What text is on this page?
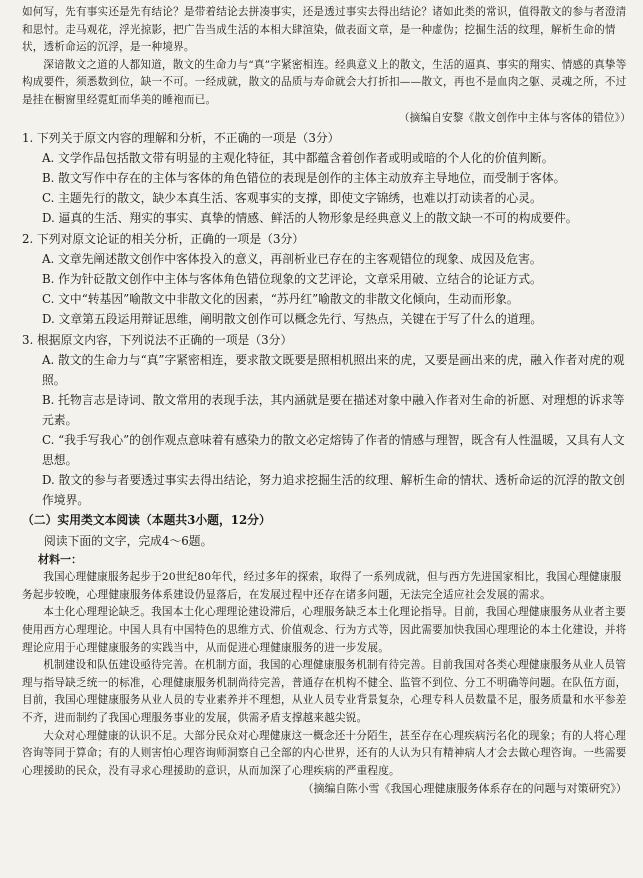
如何写，先有事实还是先有结论？是带着结论去拼凑事实，还是透过事实去得出结论？诸如此类的常识，值得散文的参与者澄清和思忖。走马观花，浮光掠影，把广告当成生活的本相大肆渲染，做表面文章，是一种虚伪；挖掘生活的纹理，解析生命的情状，透析命运的沉浮，是一种境界。

深谙散文之道的人都知道，散文的生命力与“真”字紧密相连。经典意义上的散文，生活的逼真、事实的翔实、情感的真挚等构成要件，须悉数到位，缺一不可。一经成就，散文的品质与寿命就会大打折扣——散文，再也不是血肉之躯、灵魂之所，不过是挂在橱窗里经霓虹而华美的睡袍而已。

（摘编自安黎《散文创作中主体与客体的错位》）

1. 下列关于原文内容的理解和分析，不正确的一项是（3分）

A. 文学作品包括散文带有明显的主观化特征，其中都蕴含着创作者或明或暗的个人化的价值判断。

B. 散文写作中存在的主体与客体的角色错位的表现是创作的主体主动放弃主导地位，而受制于客体。

C. 主题先行的散文，缺少本真生活、客观事实的支撑，即使文字锦绣，也难以打动读者的心灵。

D. 逼真的生活、翔实的事实、真挚的情感、鲜活的人物形象是经典意义上的散文缺一不可的构成要件。

2. 下列对原文论证的相关分析，正确的一项是（3分）

A. 文章先阐述散文创作中客体投入的意义，再剖析业已存在的主客观错位的现象、成因及危害。

B. 作为针砭散文创作中主体与客体角色错位现象的文艺评论，文章采用破、立结合的论证方式。

C. 文中“转基因”喻散文中非散文化的因素，“苏丹红”喻散文的非散文化倾向，生动而形象。

D. 文章第五段运用辩证思维，阐明散文创作可以概念先行、写热点，关键在于写了什么的道理。

3. 根据原文内容，下列说法不正确的一项是（3分）

A. 散文的生命力与“真”字紧密相连，要求散文既要是照相机照出来的虎，又要是画出来的虎，融入作者对虎的观照。

B. 托物言志是诗词、散文常用的表现手法，其内涵就是要在描述对象中融入作者对生命的祈愿、对理想的诉求等元素。

C. “我手写我心”的创作观点意味着有感染力的散文必定熔铸了作者的情感与理智，既含有人性温暖，又具有人文思想。

D. 散文的参与者要透过事实去得出结论，努力追求挖掘生活的纹理、解析生命的情状、透析命运的沉浮的散文创作境界。

（二）实用类文本阅读（本题共3小题，12分）

阅读下面的文字，完成4～6题。

材料一：

我国心理健康服务起步于20世纪80年代，经过多年的探索，取得了一系列成就，但与西方先进国家相比，我国心理健康服务起步较晚，心理健康服务体系建设仍显落后，在发展过程中还存在诸多问题，无法完全适应社会发展的需求。

本土化心理理论缺乏。我国本土化心理理论建设滞后，心理服务缺乏本土化理论指导。目前，我国心理健康服务从业者主要使用西方心理理论。中国人具有中国特色的思维方式、价值观念、行为方式等，因此需要加快我国心理理论的本土化建设，并将理论应用于心理健康服务的实践当中，从而促进心理健康服务的进一步发展。

机制建设和队伍建设亟待完善。在机制方面，我国的心理健康服务机制有待完善。目前我国对各类心理健康服务从业人员管理与指导缺乏统一的标准，心理健康服务机制尚待完善，普通存在机构不健全、监管不到位、分工不明确等问题。在队伍方面，目前，我国心理健康服务从业人员的专业素养并不理想，从业人员专业背景复杂，心理专科人员数量不足，服务质量和水平参差不齐，进而制约了我国心理服务事业的发展，供需矛盾支撑越来越尖锐。

大众对心理健康的认识不足。大部分民众对心理健康这一概念还十分陌生，甚至存在心理疾病污名化的现象；有的人将心理咨询等同于算命；有的人则害怕心理咨询师洞察自己全部的内心世界，还有的人认为只有精神病人才会去做心理咨询。一些需要心理援助的民众，没有寻求心理援助的意识，从而加深了心理疾病的严重程度。

（摘编自陈小雪《我国心理健康服务体系存在的问题与对策研究》）
